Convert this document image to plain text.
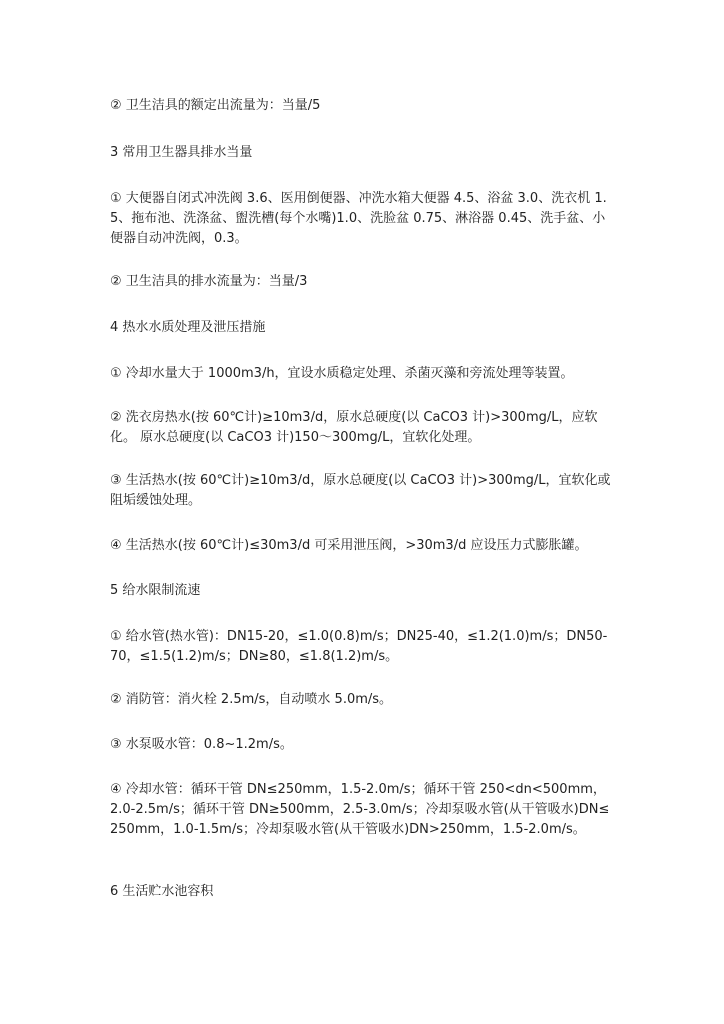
② 卫生洁具的额定出流量为：当量/5

3 常用卫生器具排水当量

① 大便器自闭式冲洗阀 3.6、医用倒便器、冲洗水箱大便器 4.5、浴盆 3.0、洗衣机 1.5、拖布池、洗涤盆、盥洗槽(每个水嘴)1.0、洗脸盆 0.75、淋浴器 0.45、洗手盆、小便器自动冲洗阀，0.3。

② 卫生洁具的排水流量为：当量/3

4 热水水质处理及泄压措施

① 冷却水量大于 1000m3/h，宜设水质稳定处理、杀菌灭藻和旁流处理等装置。

② 洗衣房热水(按 60℃计)≥10m3/d，原水总硬度(以 CaCO3 计)>300mg/L，应软化。 原水总硬度(以 CaCO3 计)150～300mg/L，宜软化处理。

③ 生活热水(按 60℃计)≥10m3/d，原水总硬度(以 CaCO3 计)>300mg/L，宜软化或阻垢缓蚀处理。

④ 生活热水(按 60℃计)≤30m3/d 可采用泄压阀，>30m3/d 应设压力式膨胀罐。

5 给水限制流速

① 给水管(热水管)：DN15-20，≤1.0(0.8)m/s；DN25-40，≤1.2(1.0)m/s；DN50-70，≤1.5(1.2)m/s；DN≥80，≤1.8(1.2)m/s。

② 消防管：消火栓 2.5m/s，自动喷水 5.0m/s。

③ 水泵吸水管：0.8~1.2m/s。

④ 冷却水管：循环干管 DN≤250mm，1.5-2.0m/s；循环干管 250<dn<500mm，2.0-2.5m/s；循环干管 DN≥500mm，2.5-3.0m/s；冷却泵吸水管(从干管吸水)DN≤250mm，1.0-1.5m/s；冷却泵吸水管(从干管吸水)DN>250mm，1.5-2.0m/s。

6 生活贮水池容积
